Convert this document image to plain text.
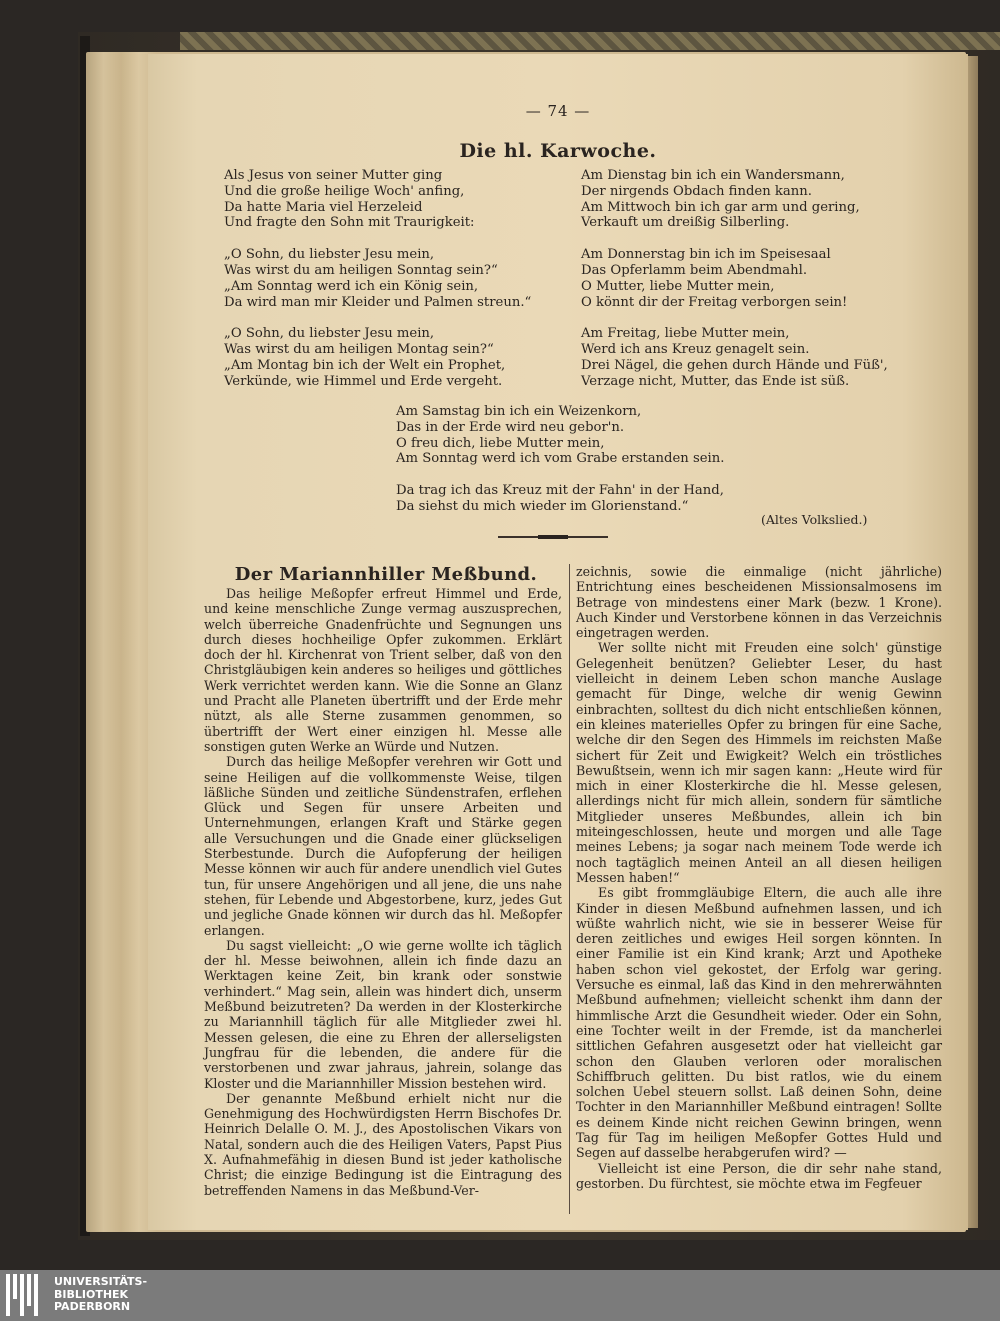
— 74 —
Die hl. Karwoche.
Als Jesus von seiner Mutter ging
Und die große heilige Woch' anfing,
Da hatte Maria viel Herzeleid
Und fragte den Sohn mit Traurigkeit:
„O Sohn, du liebster Jesu mein,
Was wirst du am heiligen Sonntag sein?“
„Am Sonntag werd ich ein König sein,
Da wird man mir Kleider und Palmen streun.“
„O Sohn, du liebster Jesu mein,
Was wirst du am heiligen Montag sein?“
„Am Montag bin ich der Welt ein Prophet,
Verkünde, wie Himmel und Erde vergeht.
Am Dienstag bin ich ein Wandersmann,
Der nirgends Obdach finden kann.
Am Mittwoch bin ich gar arm und gering,
Verkauft um dreißig Silberling.
Am Donnerstag bin ich im Speisesaal
Das Opferlamm beim Abendmahl.
O Mutter, liebe Mutter mein,
O könnt dir der Freitag verborgen sein!
Am Freitag, liebe Mutter mein,
Werd ich ans Kreuz genagelt sein.
Drei Nägel, die gehen durch Hände und Füß',
Verzage nicht, Mutter, das Ende ist süß.
Am Samstag bin ich ein Weizenkorn,
Das in der Erde wird neu gebor'n.
O freu dich, liebe Mutter mein,
Am Sonntag werd ich vom Grabe erstanden sein.
Da trag ich das Kreuz mit der Fahn' in der Hand,
Da siehst du mich wieder im Glorienstand.“
(Altes Volkslied.)
Der Mariannhiller Meßbund.

Das heilige Meßopfer erfreut Himmel und Erde, und keine menschliche Zunge vermag auszusprechen, welch überreiche Gnadenfrüchte und Segnungen uns durch dieses hochheilige Opfer zukommen. Erklärt doch der hl. Kirchenrat von Trient selber, daß von den Christgläubigen kein anderes so heiliges und göttliches Werk verrichtet werden kann. Wie die Sonne an Glanz und Pracht alle Planeten übertrifft und der Erde mehr nützt, als alle Sterne zusammen genommen, so übertrifft der Wert einer einzigen hl. Messe alle sonstigen guten Werke an Würde und Nutzen.

Durch das heilige Meßopfer verehren wir Gott und seine Heiligen auf die vollkommenste Weise, tilgen läßliche Sünden und zeitliche Sündenstrafen, erflehen Glück und Segen für unsere Arbeiten und Unternehmungen, erlangen Kraft und Stärke gegen alle Versuchungen und die Gnade einer glückseligen Sterbestunde. Durch die Aufopferung der heiligen Messe können wir auch für andere unendlich viel Gutes tun, für unsere Angehörigen und all jene, die uns nahe stehen, für Lebende und Abgestorbene, kurz, jedes Gut und jegliche Gnade können wir durch das hl. Meßopfer erlangen.

Du sagst vielleicht: „O wie gerne wollte ich täglich der hl. Messe beiwohnen, allein ich finde dazu an Werktagen keine Zeit, bin krank oder sonstwie verhindert.“ Mag sein, allein was hindert dich, unserm Meßbund beizutreten? Da werden in der Klosterkirche zu Mariannhill täglich für alle Mitglieder zwei hl. Messen gelesen, die eine zu Ehren der allerseligsten Jungfrau für die lebenden, die andere für die verstorbenen und zwar jahraus, jahrein, solange das Kloster und die Mariannhiller Mission bestehen wird.

Der genannte Meßbund erhielt nicht nur die Genehmigung des Hochwürdigsten Herrn Bischofes Dr. Heinrich Delalle O. M. J., des Apostolischen Vikars von Natal, sondern auch die des Heiligen Vaters, Papst Pius X. Aufnahmefähig in diesen Bund ist jeder katholische Christ; die einzige Bedingung ist die Eintragung des betreffenden Namens in das Meßbund-Ver-

zeichnis, sowie die einmalige (nicht jährliche) Entrichtung eines bescheidenen Missionsalmosens im Betrage von mindestens einer Mark (bezw. 1 Krone). Auch Kinder und Verstorbene können in das Verzeichnis eingetragen werden.

Wer sollte nicht mit Freuden eine solch' günstige Gelegenheit benützen? Geliebter Leser, du hast vielleicht in deinem Leben schon manche Auslage gemacht für Dinge, welche dir wenig Gewinn einbrachten, solltest du dich nicht entschließen können, ein kleines materielles Opfer zu bringen für eine Sache, welche dir den Segen des Himmels im reichsten Maße sichert für Zeit und Ewigkeit? Welch ein tröstliches Bewußtsein, wenn ich mir sagen kann: „Heute wird für mich in einer Klosterkirche die hl. Messe gelesen, allerdings nicht für mich allein, sondern für sämtliche Mitglieder unseres Meßbundes, allein ich bin miteingeschlossen, heute und morgen und alle Tage meines Lebens; ja sogar nach meinem Tode werde ich noch tagtäglich meinen Anteil an all diesen heiligen Messen haben!“

Es gibt frommgläubige Eltern, die auch alle ihre Kinder in diesen Meßbund aufnehmen lassen, und ich wüßte wahrlich nicht, wie sie in besserer Weise für deren zeitliches und ewiges Heil sorgen könnten. In einer Familie ist ein Kind krank; Arzt und Apotheke haben schon viel gekostet, der Erfolg war gering. Versuche es einmal, laß das Kind in den mehrerwähnten Meßbund aufnehmen; vielleicht schenkt ihm dann der himmlische Arzt die Gesundheit wieder. Oder ein Sohn, eine Tochter weilt in der Fremde, ist da mancherlei sittlichen Gefahren ausgesetzt oder hat vielleicht gar schon den Glauben verloren oder moralischen Schiffbruch gelitten. Du bist ratlos, wie du einem solchen Uebel steuern sollst. Laß deinen Sohn, deine Tochter in den Mariannhiller Meßbund eintragen! Sollte es deinem Kinde nicht reichen Gewinn bringen, wenn Tag für Tag im heiligen Meßopfer Gottes Huld und Segen auf dasselbe herabgerufen wird? —

Vielleicht ist eine Person, die dir sehr nahe stand, gestorben. Du fürchtest, sie möchte etwa im Fegfeuer

UNIVERSITÄTS-
BIBLIOTHEK
PADERBORN
